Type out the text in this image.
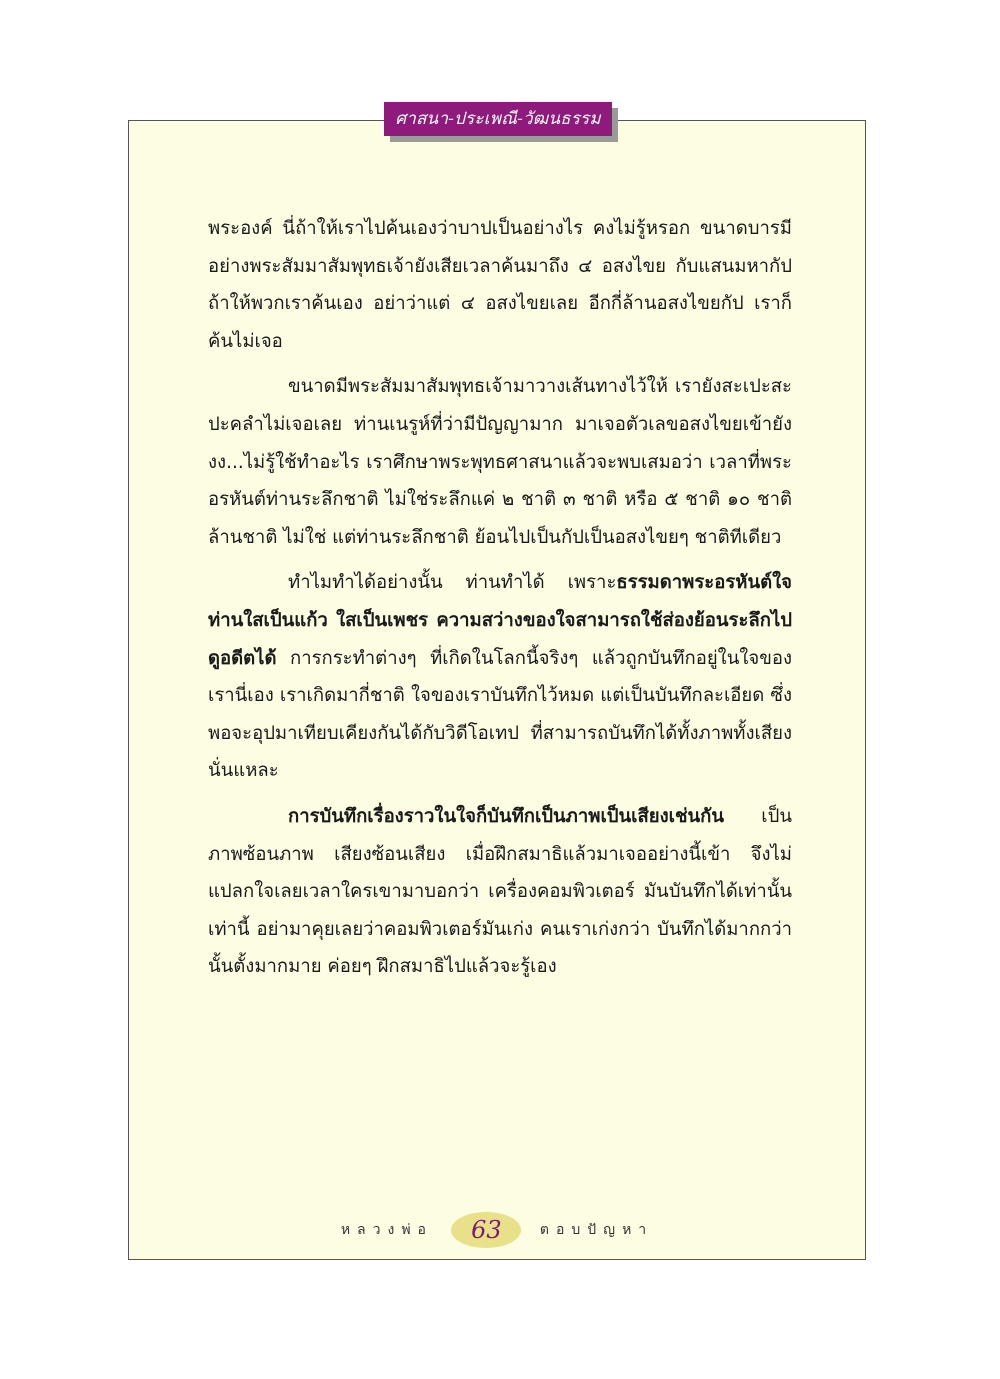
ศาสนา-ประเพณี-วัฒนธรรม

พระองค์ นี่ถ้าให้เราไปค้นเองว่าบาปเป็นอย่างไร คงไม่รู้หรอก ขนาดบารมีอย่างพระสัมมาสัมพุทธเจ้ายังเสียเวลาค้นมาถึง ๔ อสงไขย กับแสนมหากัป ถ้าให้พวกเราค้นเอง อย่าว่าแต่ ๔ อสงไขยเลย อีกกี่ล้านอสงไขยกัป เราก็ค้นไม่เจอ

ขนาดมีพระสัมมาสัมพุทธเจ้ามาวางเส้นทางไว้ให้ เรายังสะเปะสะปะคลำไม่เจอเลย ท่านเนรูห์ที่ว่ามีปัญญามาก มาเจอตัวเลขอสงไขยเข้ายังงง...ไม่รู้ใช้ทำอะไร เราศึกษาพระพุทธศาสนาแล้วจะพบเสมอว่า เวลาที่พระอรหันต์ท่านระลึกชาติ ไม่ใช่ระลึกแค่ ๒ ชาติ ๓ ชาติ หรือ ๕ ชาติ ๑๐ ชาติ ล้านชาติ ไม่ใช่ แต่ท่านระลึกชาติ ย้อนไปเป็นกัปเป็นอสงไขยๆ ชาติทีเดียว

ทำไมทำได้อย่างนั้น ท่านทำได้ เพราะธรรมดาพระอรหันต์ใจท่านใสเป็นแก้ว ใสเป็นเพชร ความสว่างของใจสามารถใช้ส่องย้อนระลึกไปดูอดีตได้ การกระทำต่างๆ ที่เกิดในโลกนี้จริงๆ แล้วถูกบันทึกอยู่ในใจของเรานี่เอง เราเกิดมากี่ชาติ ใจของเราบันทึกไว้หมด แต่เป็นบันทึกละเอียด ซึ่งพอจะอุปมาเทียบเคียงกันได้กับวิดีโอเทป ที่สามารถบันทึกได้ทั้งภาพทั้งเสียงนั่นแหละ

การบันทึกเรื่องราวในใจก็บันทึกเป็นภาพเป็นเสียงเช่นกัน เป็นภาพซ้อนภาพ เสียงซ้อนเสียง เมื่อฝึกสมาธิแล้วมาเจออย่างนี้เข้า จึงไม่แปลกใจเลยเวลาใครเขามาบอกว่า เครื่องคอมพิวเตอร์ มันบันทึกได้เท่านั้นเท่านี้ อย่ามาคุยเลยว่าคอมพิวเตอร์มันเก่ง คนเราเก่งกว่า บันทึกได้มากกว่านั้นตั้งมากมาย ค่อยๆ ฝึกสมาธิไปแล้วจะรู้เอง

หลวงพ่อ 63	ตอบปัญหา
